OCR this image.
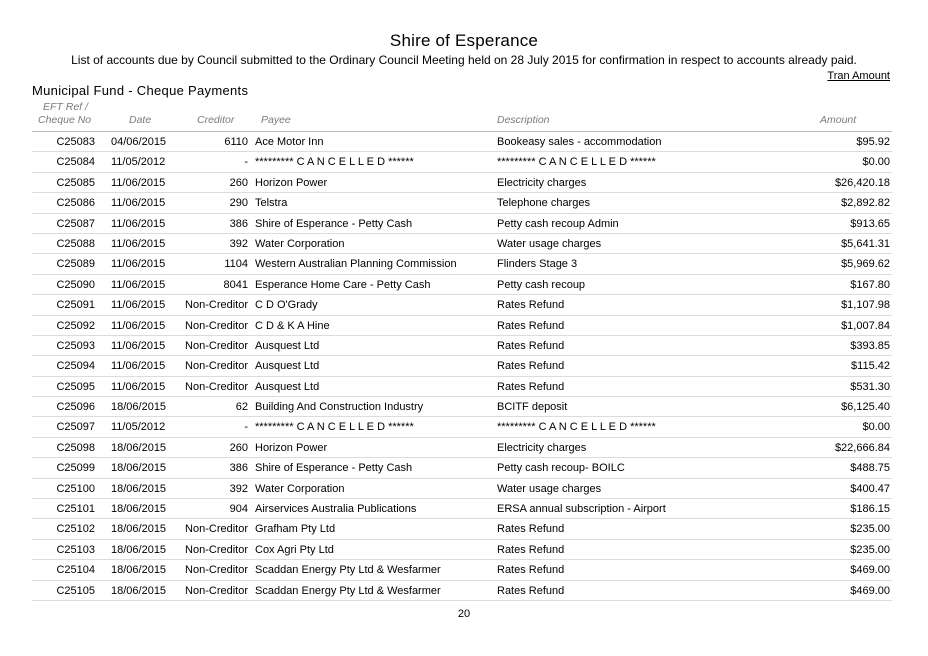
Shire of Esperance
List of accounts due by Council submitted to the Ordinary Council Meeting held on 28 July 2015 for confirmation in respect to accounts already paid.
Tran Amount
Municipal Fund - Cheque Payments
EFT Ref /
Cheque No	Date	Creditor	Payee	Description	Amount
C25083 04/06/2015	6110 Ace Motor Inn	Bookeasy sales - accommodation	$95.92
C25084 11/05/2012	- ********* C A N C E L L E D ******	********* C A N C E L L E D ******	$0.00
C25085 11/06/2015	260 Horizon Power	Electricity charges	$26,420.18
C25086 11/06/2015	290 Telstra	Telephone charges	$2,892.82
C25087 11/06/2015	386 Shire of Esperance - Petty Cash	Petty cash recoup Admin	$913.65
C25088 11/06/2015	392 Water Corporation	Water usage charges	$5,641.31
C25089 11/06/2015	1104 Western Australian Planning Commission	Flinders Stage 3	$5,969.62
C25090 11/06/2015	8041 Esperance Home Care - Petty Cash	Petty cash recoup	$167.80
C25091 11/06/2015 Non-Creditor C D O'Grady	Rates Refund	$1,107.98
C25092 11/06/2015 Non-Creditor C D & K A Hine	Rates Refund	$1,007.84
C25093 11/06/2015 Non-Creditor Ausquest Ltd	Rates Refund	$393.85
C25094 11/06/2015 Non-Creditor Ausquest Ltd	Rates Refund	$115.42
C25095 11/06/2015 Non-Creditor Ausquest Ltd	Rates Refund	$531.30
C25096 18/06/2015	62 Building And Construction Industry	BCITF deposit	$6,125.40
C25097 11/05/2012	- ********* C A N C E L L E D ******	********* C A N C E L L E D ******	$0.00
C25098 18/06/2015	260 Horizon Power	Electricity charges	$22,666.84
C25099 18/06/2015	386 Shire of Esperance - Petty Cash	Petty cash recoup- BOILC	$488.75
C25100 18/06/2015	392 Water Corporation	Water usage charges	$400.47
C25101 18/06/2015	904 Airservices Australia Publications	ERSA annual subscription - Airport	$186.15
C25102 18/06/2015 Non-Creditor Grafham Pty Ltd	Rates Refund	$235.00
C25103 18/06/2015 Non-Creditor Cox Agri Pty Ltd	Rates Refund	$235.00
C25104 18/06/2015 Non-Creditor Scaddan Energy Pty Ltd & Wesfarmer	Rates Refund	$469.00
C25105 18/06/2015 Non-Creditor Scaddan Energy Pty Ltd & Wesfarmer	Rates Refund	$469.00
20
